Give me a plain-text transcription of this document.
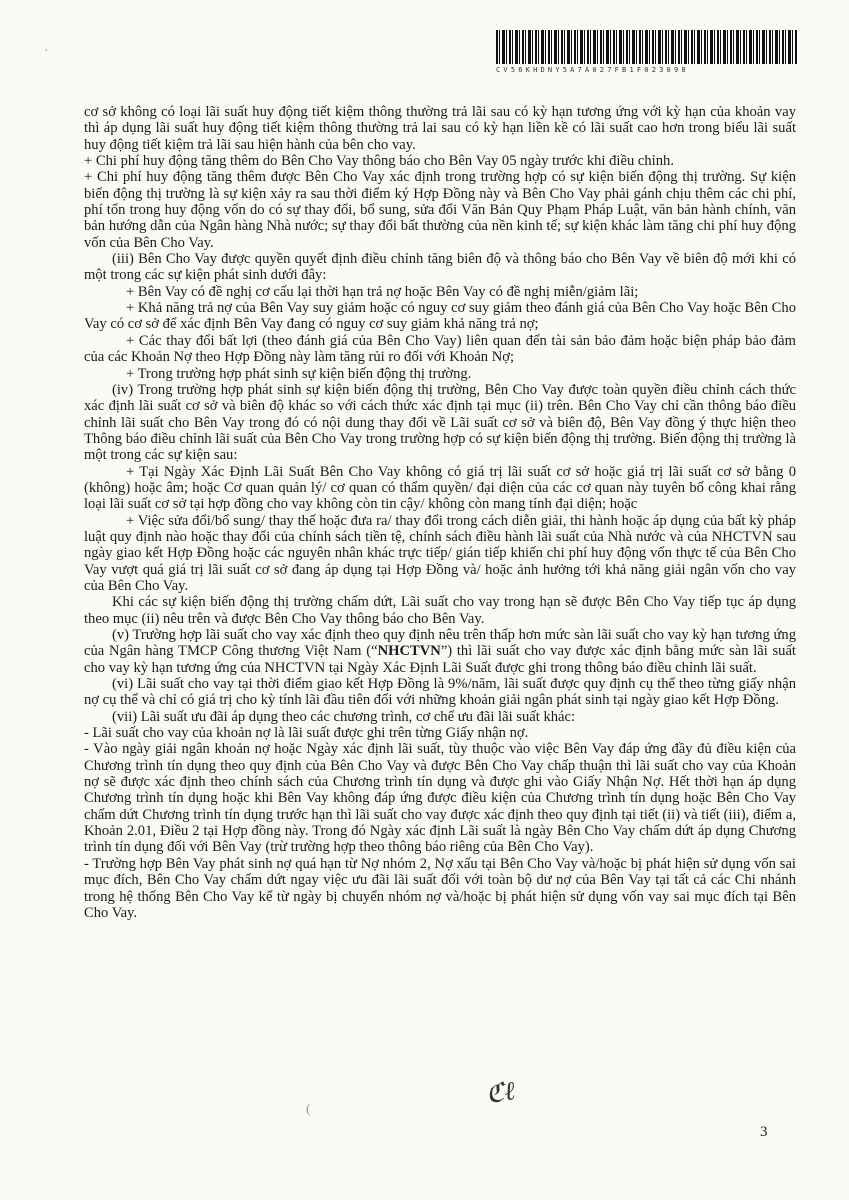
CV56KHDNY5A7A027FB1F023098
·
(

cơ sở không có loại lãi suất huy động tiết kiệm thông thường trả lãi sau có kỳ hạn tương ứng với kỳ hạn của khoản vay thì áp dụng lãi suất huy động tiết kiệm thông thường trả lai sau có kỳ hạn liền kề có lãi suất cao hơn trong biểu lãi suất huy động tiết kiệm trả lãi sau hiện hành của bên cho vay.

+ Chi phí huy động tăng thêm do Bên Cho Vay thông báo cho Bên Vay 05 ngày trước khi điều chỉnh.

+ Chi phí huy động tăng thêm được Bên Cho Vay xác định trong trường hợp có sự kiện biến động thị trường. Sự kiện biến động thị trường là sự kiện xảy ra sau thời điểm ký Hợp Đồng này và Bên Cho Vay phải gánh chịu thêm các chi phí, phí tổn trong huy động vốn do có sự thay đổi, bổ sung, sửa đổi Văn Bản Quy Phạm Pháp Luật, văn bản hành chính, văn bản hướng dẫn của Ngân hàng Nhà nước; sự thay đổi bất thường của nền kinh tế; sự kiện khác làm tăng chi phí huy động vốn của Bên Cho Vay.

(iii) Bên Cho Vay được quyền quyết định điều chỉnh tăng biên độ và thông báo cho Bên Vay về biên độ mới khi có một trong các sự kiện phát sinh dưới đây:

+ Bên Vay có đề nghị cơ cấu lại thời hạn trả nợ hoặc Bên Vay có đề nghị miễn/giảm lãi;

+ Khả năng trả nợ của Bên Vay suy giảm hoặc có nguy cơ suy giảm theo đánh giá của Bên Cho Vay hoặc Bên Cho Vay có cơ sở để xác định Bên Vay đang có nguy cơ suy giảm khả năng trả nợ;

+ Các thay đổi bất lợi (theo đánh giá của Bên Cho Vay) liên quan đến tài sản bảo đảm hoặc biện pháp bảo đảm của các Khoản Nợ theo Hợp Đồng này làm tăng rủi ro đối với Khoản Nợ;

+ Trong trường hợp phát sinh sự kiện biến động thị trường.

(iv) Trong trường hợp phát sinh sự kiện biến động thị trường, Bên Cho Vay được toàn quyền điều chỉnh cách thức xác định lãi suất cơ sở và biên độ khác so với cách thức xác định tại mục (ii) trên. Bên Cho Vay chỉ cần thông báo điều chỉnh lãi suất cho Bên Vay trong đó có nội dung thay đổi về Lãi suất cơ sở và biên độ, Bên Vay đồng ý thực hiện theo Thông báo điều chỉnh lãi suất của Bên Cho Vay trong trường hợp có sự kiện biến động thị trường. Biến động thị trường là một trong các sự kiện sau:

+ Tại Ngày Xác Định Lãi Suất Bên Cho Vay không có giá trị lãi suất cơ sở hoặc giá trị lãi suất cơ sở bằng 0 (không) hoặc âm; hoặc Cơ quan quản lý/ cơ quan có thẩm quyền/ đại diện của các cơ quan này tuyên bố công khai rằng loại lãi suất cơ sở tại hợp đồng cho vay không còn tin cậy/ không còn mang tính đại diện; hoặc

+ Việc sửa đổi/bổ sung/ thay thế hoặc đưa ra/ thay đổi trong cách diễn giải, thi hành hoặc áp dụng của bất kỳ pháp luật quy định nào hoặc thay đổi của chính sách tiền tệ, chính sách điều hành lãi suất của Nhà nước và của NHCTVN sau ngày giao kết Hợp Đồng hoặc các nguyên nhân khác trực tiếp/ gián tiếp khiến chi phí huy động vốn thực tế của Bên Cho Vay vượt quá giá trị lãi suất cơ sở đang áp dụng tại Hợp Đồng và/ hoặc ảnh hưởng tới khả năng giải ngân vốn cho vay của Bên Cho Vay.

Khi các sự kiện biến động thị trường chấm dứt, Lãi suất cho vay trong hạn sẽ được Bên Cho Vay tiếp tục áp dụng theo mục (ii) nêu trên và được Bên Cho Vay thông báo cho Bên Vay.

(v) Trường hợp lãi suất cho vay xác định theo quy định nêu trên thấp hơn mức sàn lãi suất cho vay kỳ hạn tương ứng của Ngân hàng TMCP Công thương Việt Nam (“NHCTVN”) thì lãi suất cho vay được xác định bằng mức sàn lãi suất cho vay kỳ hạn tương ứng của NHCTVN tại Ngày Xác Định Lãi Suất được ghi trong thông báo điều chỉnh lãi suất.

(vi) Lãi suất cho vay tại thời điểm giao kết Hợp Đồng là 9%/năm, lãi suất được quy định cụ thể theo từng giấy nhận nợ cụ thể và chỉ có giá trị cho kỳ tính lãi đầu tiên đối với những khoản giải ngân phát sinh tại ngày giao kết Hợp Đồng.

(vii) Lãi suất ưu đãi áp dụng theo các chương trình, cơ chế ưu đãi lãi suất khác:

- Lãi suất cho vay của khoản nợ là lãi suất được ghi trên từng Giấy nhận nợ.

- Vào ngày giải ngân khoản nợ hoặc Ngày xác định lãi suất, tùy thuộc vào việc Bên Vay đáp ứng đầy đủ điều kiện của Chương trình tín dụng theo quy định của Bên Cho Vay và được Bên Cho Vay chấp thuận thì lãi suất cho vay của Khoản nợ sẽ được xác định theo chính sách của Chương trình tín dụng và được ghi vào Giấy Nhận Nợ. Hết thời hạn áp dụng Chương trình tín dụng hoặc khi Bên Vay không đáp ứng được điều kiện của Chương trình tín dụng hoặc Bên Cho Vay chấm dứt Chương trình tín dụng trước hạn thì lãi suất cho vay được xác định theo quy định tại tiết (ii) và tiết (iii), điểm a, Khoản 2.01, Điều 2 tại Hợp đồng này. Trong đó Ngày xác định Lãi suất là ngày Bên Cho Vay chấm dứt áp dụng Chương trình tín dụng đối với Bên Vay (trừ trường hợp theo thông báo riêng của Bên Cho Vay).

- Trường hợp Bên Vay phát sinh nợ quá hạn từ Nợ nhóm 2, Nợ xấu tại Bên Cho Vay và/hoặc bị phát hiện sử dụng vốn sai mục đích, Bên Cho Vay chấm dứt ngay việc ưu đãi lãi suất đối với toàn bộ dư nợ của Bên Vay tại tất cả các Chi nhánh trong hệ thống Bên Cho Vay kể từ ngày bị chuyển nhóm nợ và/hoặc bị phát hiện sử dụng vốn vay sai mục đích tại Bên Cho Vay.

ℭℓ
3
